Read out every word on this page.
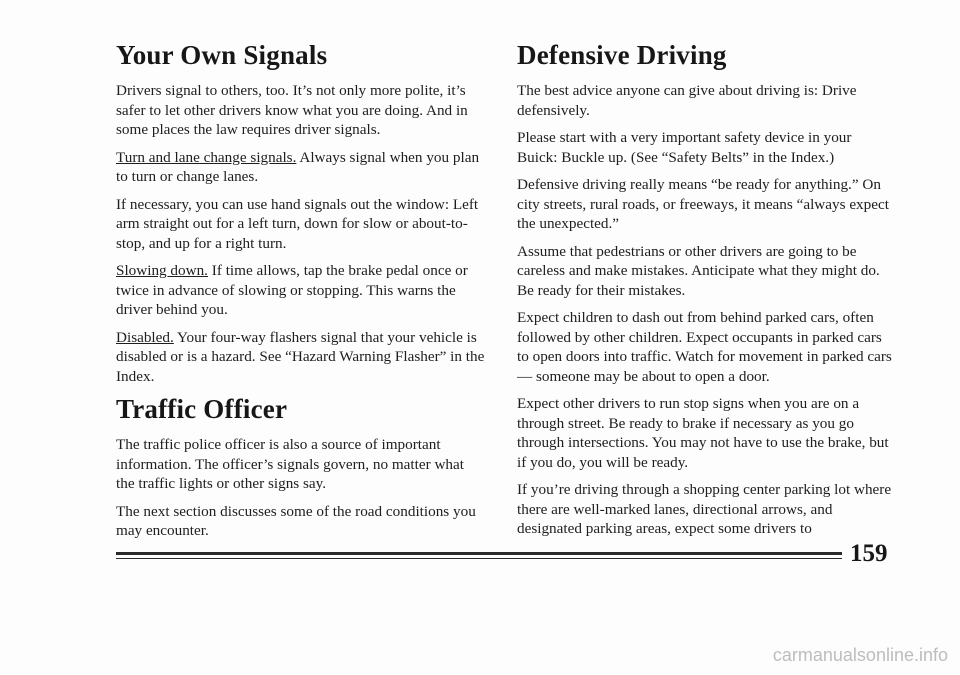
Your Own Signals

Drivers signal to others, too. It’s not only more polite, it’s safer to let other drivers know what you are doing. And in some places the law requires driver signals.

Turn and lane change signals. Always signal when you plan to turn or change lanes.

If necessary, you can use hand signals out the window: Left arm straight out for a left turn, down for slow or about-to-stop, and up for a right turn.

Slowing down. If time allows, tap the brake pedal once or twice in advance of slowing or stopping. This warns the driver behind you.

Disabled. Your four-way flashers signal that your vehicle is disabled or is a hazard. See “Hazard Warning Flasher” in the Index.

Traffic Officer

The traffic police officer is also a source of important information. The officer’s signals govern, no matter what the traffic lights or other signs say.

The next section discusses some of the road conditions you may encounter.

Defensive Driving

The best advice anyone can give about driving is: Drive defensively.

Please start with a very important safety device in your Buick: Buckle up. (See “Safety Belts” in the Index.)

Defensive driving really means “be ready for anything.” On city streets, rural roads, or freeways, it means “always expect the unexpected.”

Assume that pedestrians or other drivers are going to be careless and make mistakes. Anticipate what they might do. Be ready for their mistakes.

Expect children to dash out from behind parked cars, often followed by other children. Expect occupants in parked cars to open doors into traffic. Watch for movement in parked cars — someone may be about to open a door.

Expect other drivers to run stop signs when you are on a through street. Be ready to brake if necessary as you go through intersections. You may not have to use the brake, but if you do, you will be ready.

If you’re driving through a shopping center parking lot where there are well-marked lanes, directional arrows, and designated parking areas, expect some drivers to

159
carmanualsonline.info
